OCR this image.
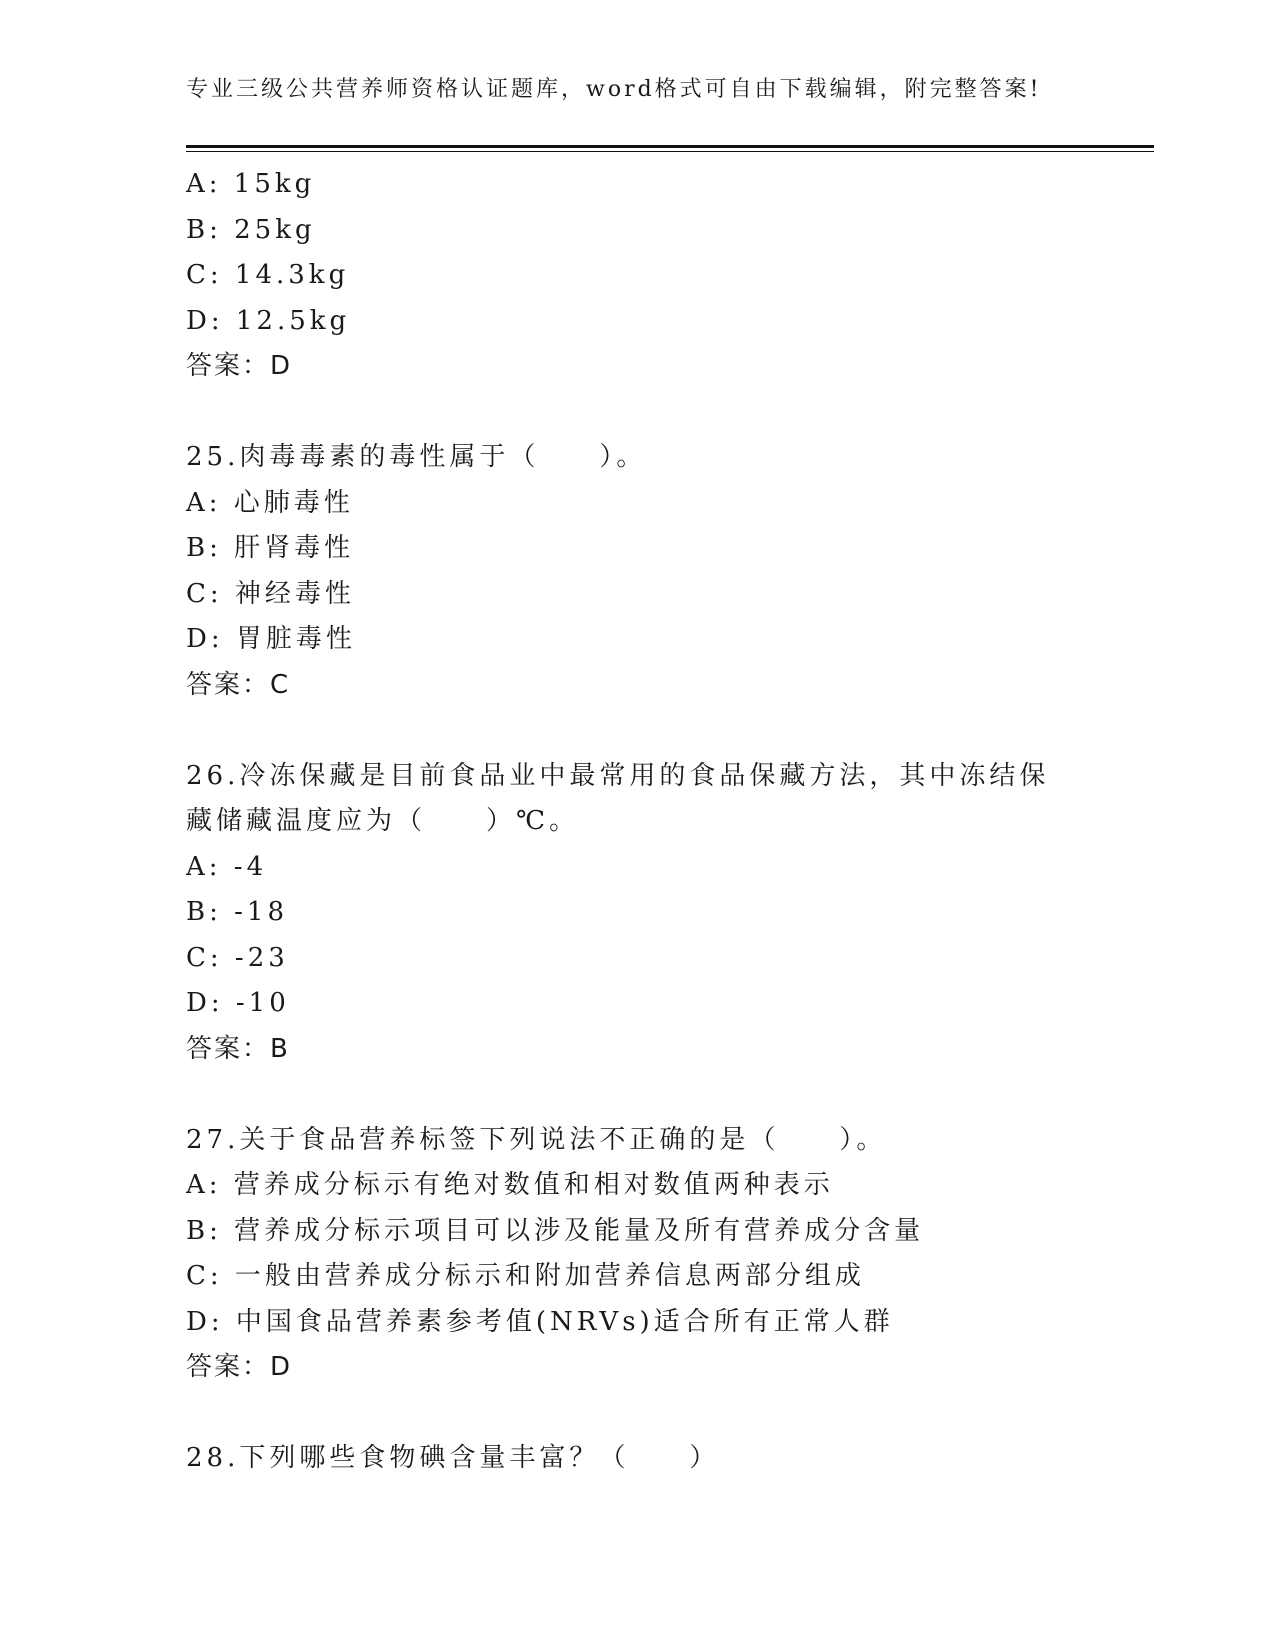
专业三级公共营养师资格认证题库，word格式可自由下载编辑，附完整答案!
A: 15kg
B: 25kg
C: 14.3kg
D: 12.5kg
答案：D
25.肉毒毒素的毒性属于（　　）。
A: 心肺毒性
B: 肝肾毒性
C: 神经毒性
D: 胃脏毒性
答案：C
26.冷冻保藏是目前食品业中最常用的食品保藏方法，其中冻结保藏储藏温度应为（　　）℃。
A: -4
B: -18
C: -23
D: -10
答案：B
27.关于食品营养标签下列说法不正确的是（　　）。
A: 营养成分标示有绝对数值和相对数值两种表示
B: 营养成分标示项目可以涉及能量及所有营养成分含量
C: 一般由营养成分标示和附加营养信息两部分组成
D: 中国食品营养素参考值(NRVs)适合所有正常人群
答案：D
28.下列哪些食物碘含量丰富？（　　）
